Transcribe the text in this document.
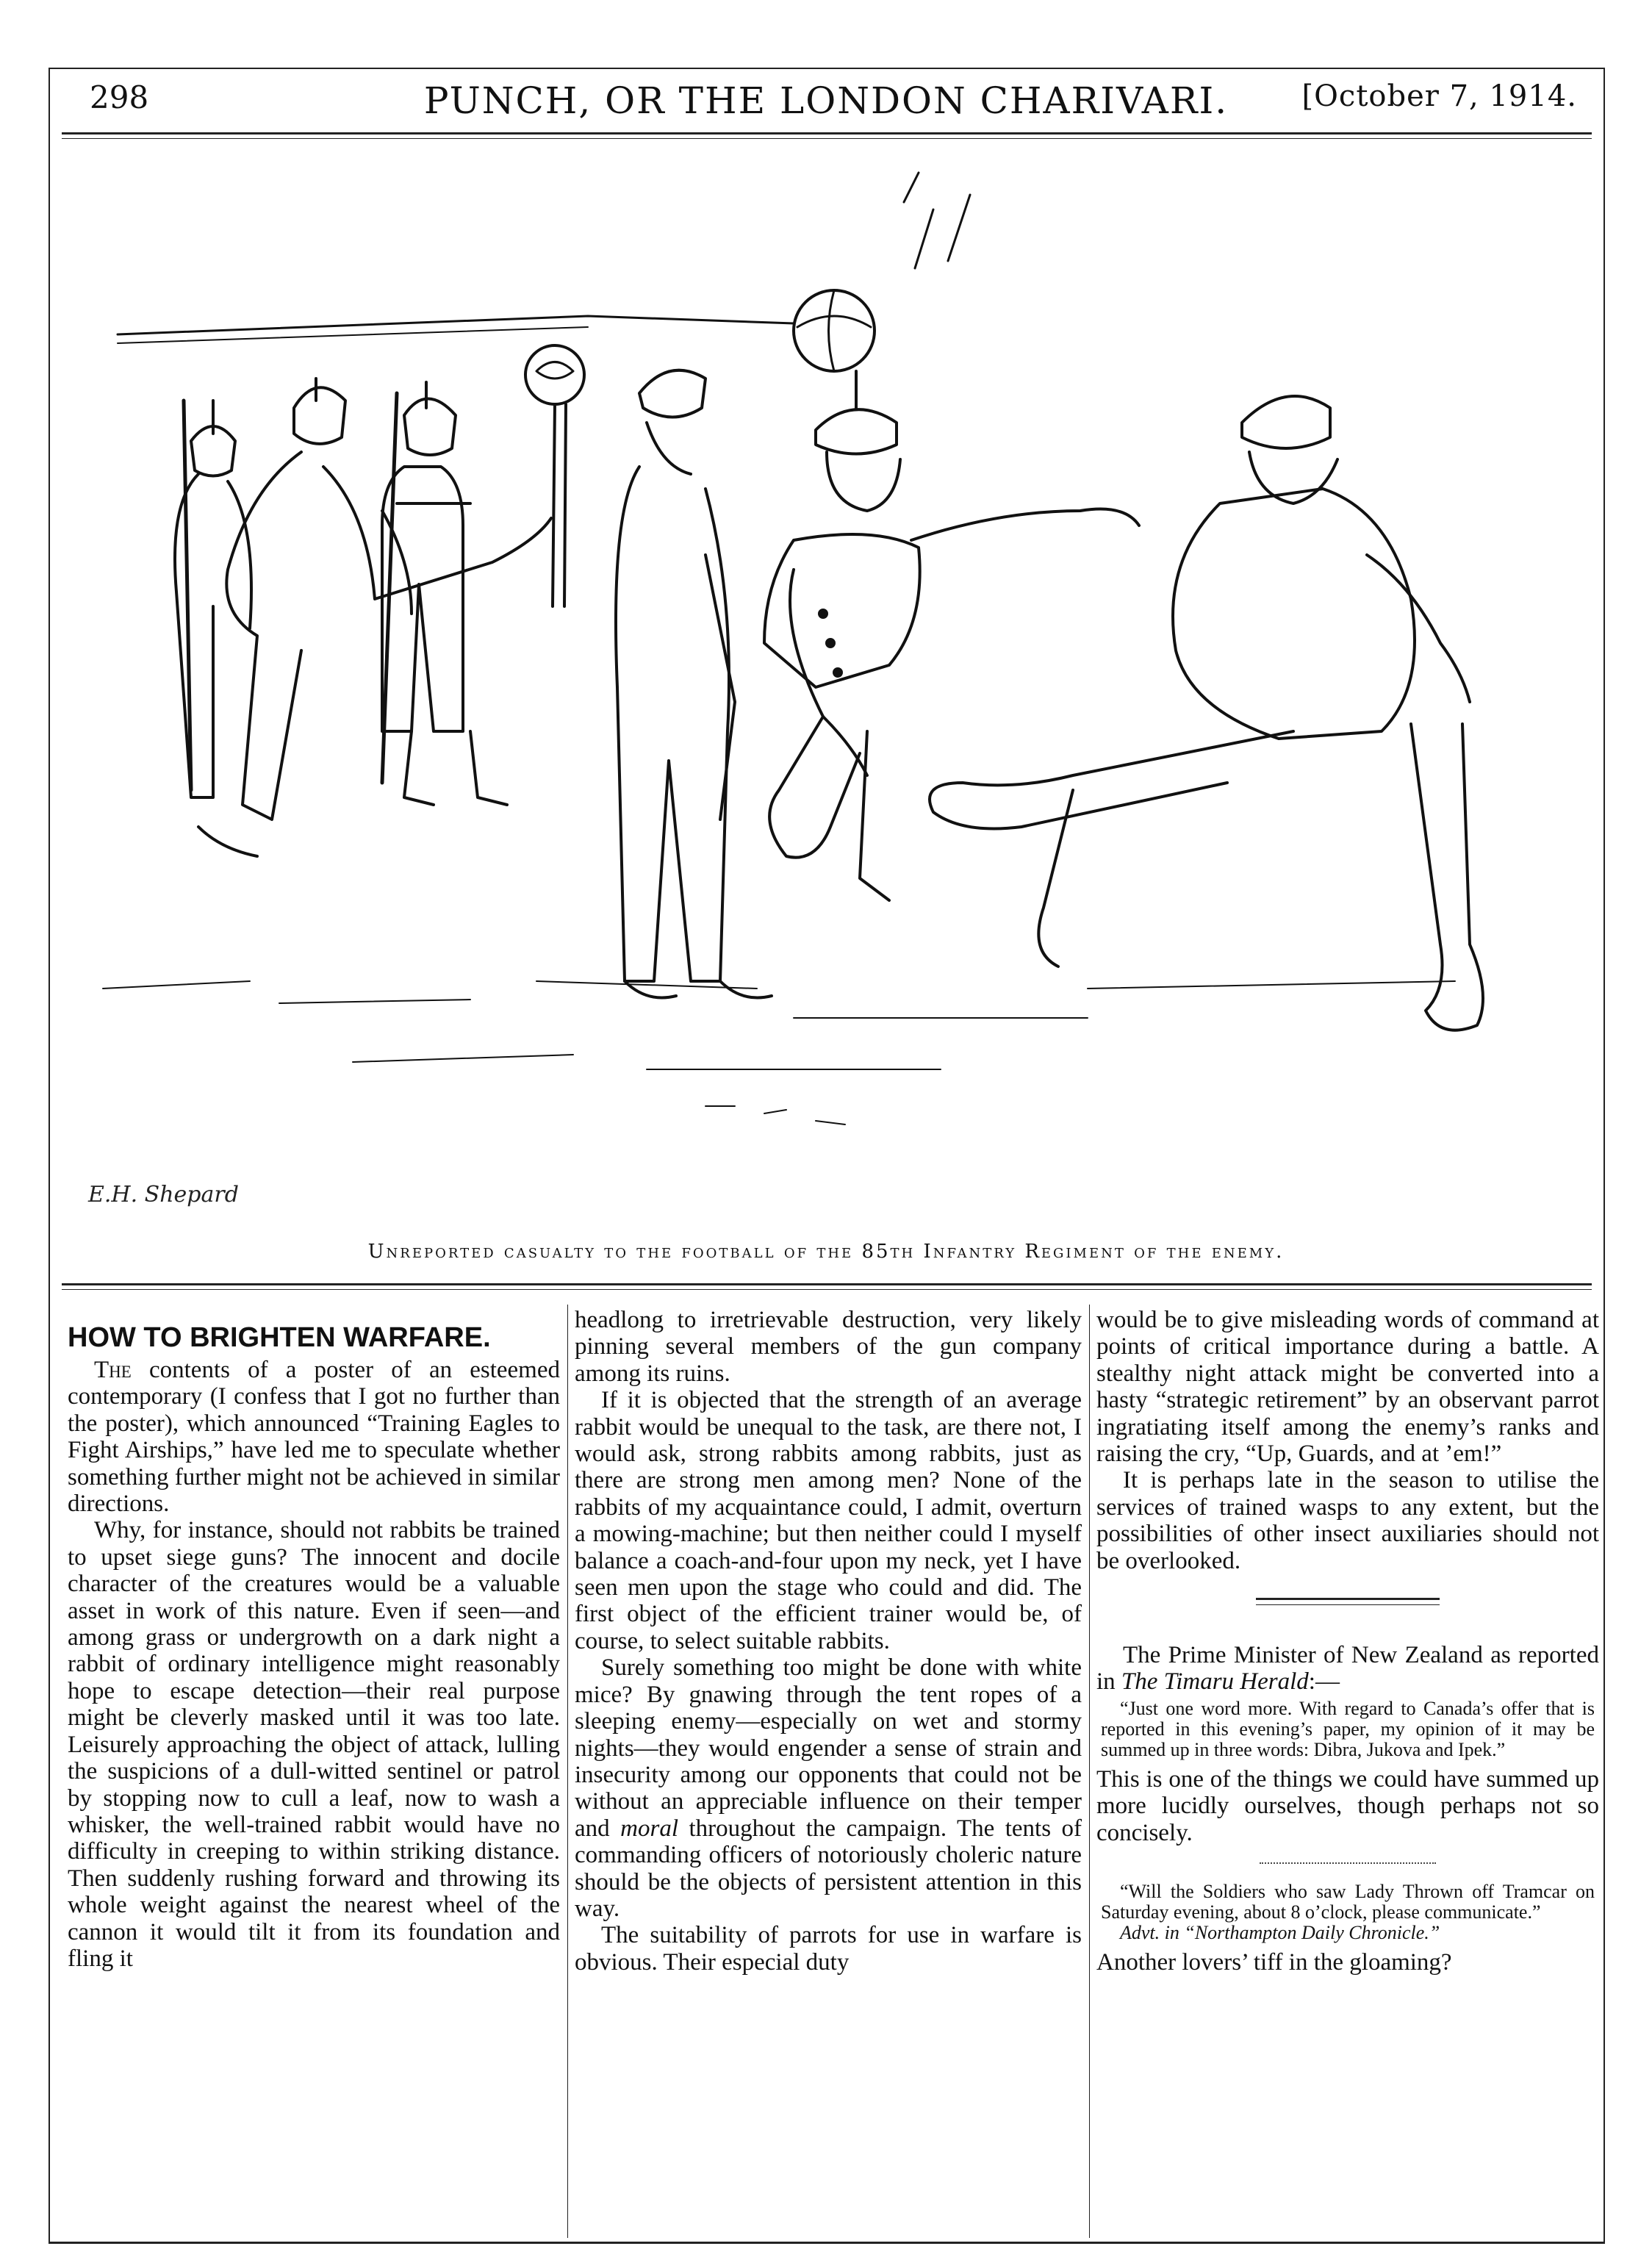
298	PUNCH, OR THE LONDON CHARIVARI.	[October 7, 1914.
E.H. Shepard
Unreported casualty to the football of the 85th Infantry Regiment of the enemy.
HOW TO BRIGHTEN WARFARE.

The contents of a poster of an esteemed contemporary (I confess that I got no further than the poster), which announced “Training Eagles to Fight Airships,” have led me to speculate whether something further might not be achieved in similar directions.

Why, for instance, should not rabbits be trained to upset siege guns? The innocent and docile character of the creatures would be a valuable asset in work of this nature. Even if seen—and among grass or undergrowth on a dark night a rabbit of ordinary intelligence might reasonably hope to escape detection—their real purpose might be cleverly masked until it was too late. Leisurely approaching the object of attack, lulling the suspicions of a dull-witted sentinel or patrol by stopping now to cull a leaf, now to wash a whisker, the well-trained rabbit would have no difficulty in creeping to within striking distance. Then suddenly rushing forward and throwing its whole weight against the nearest wheel of the cannon it would tilt it from its foundation and fling it

headlong to irretrievable destruction, very likely pinning several members of the gun company among its ruins.

If it is objected that the strength of an average rabbit would be unequal to the task, are there not, I would ask, strong rabbits among rabbits, just as there are strong men among men? None of the rabbits of my acquaintance could, I admit, overturn a mowing-machine; but then neither could I myself balance a coach-and-four upon my neck, yet I have seen men upon the stage who could and did. The first object of the efficient trainer would be, of course, to select suitable rabbits.

Surely something too might be done with white mice? By gnawing through the tent ropes of a sleeping enemy—especially on wet and stormy nights—they would engender a sense of strain and insecurity among our opponents that could not be without an appreciable influence on their temper and moral throughout the campaign. The tents of commanding officers of notoriously choleric nature should be the objects of persistent attention in this way.

The suitability of parrots for use in warfare is obvious. Their especial duty

would be to give misleading words of command at points of critical importance during a battle. A stealthy night attack might be converted into a hasty “strategic retirement” by an observant parrot ingratiating itself among the enemy’s ranks and raising the cry, “Up, Guards, and at ’em!”

It is perhaps late in the season to utilise the services of trained wasps to any extent, but the possibilities of other insect auxiliaries should not be overlooked.

The Prime Minister of New Zealand as reported in The Timaru Herald:—

“Just one word more. With regard to Canada’s offer that is reported in this evening’s paper, my opinion of it may be summed up in three words: Dibra, Jukova and Ipek.”

This is one of the things we could have summed up more lucidly ourselves, though perhaps not so concisely.

“Will the Soldiers who saw Lady Thrown off Tramcar on Saturday evening, about 8 o’clock, please communicate.”

Advt. in “Northampton Daily Chronicle.”

Another lovers’ tiff in the gloaming?
